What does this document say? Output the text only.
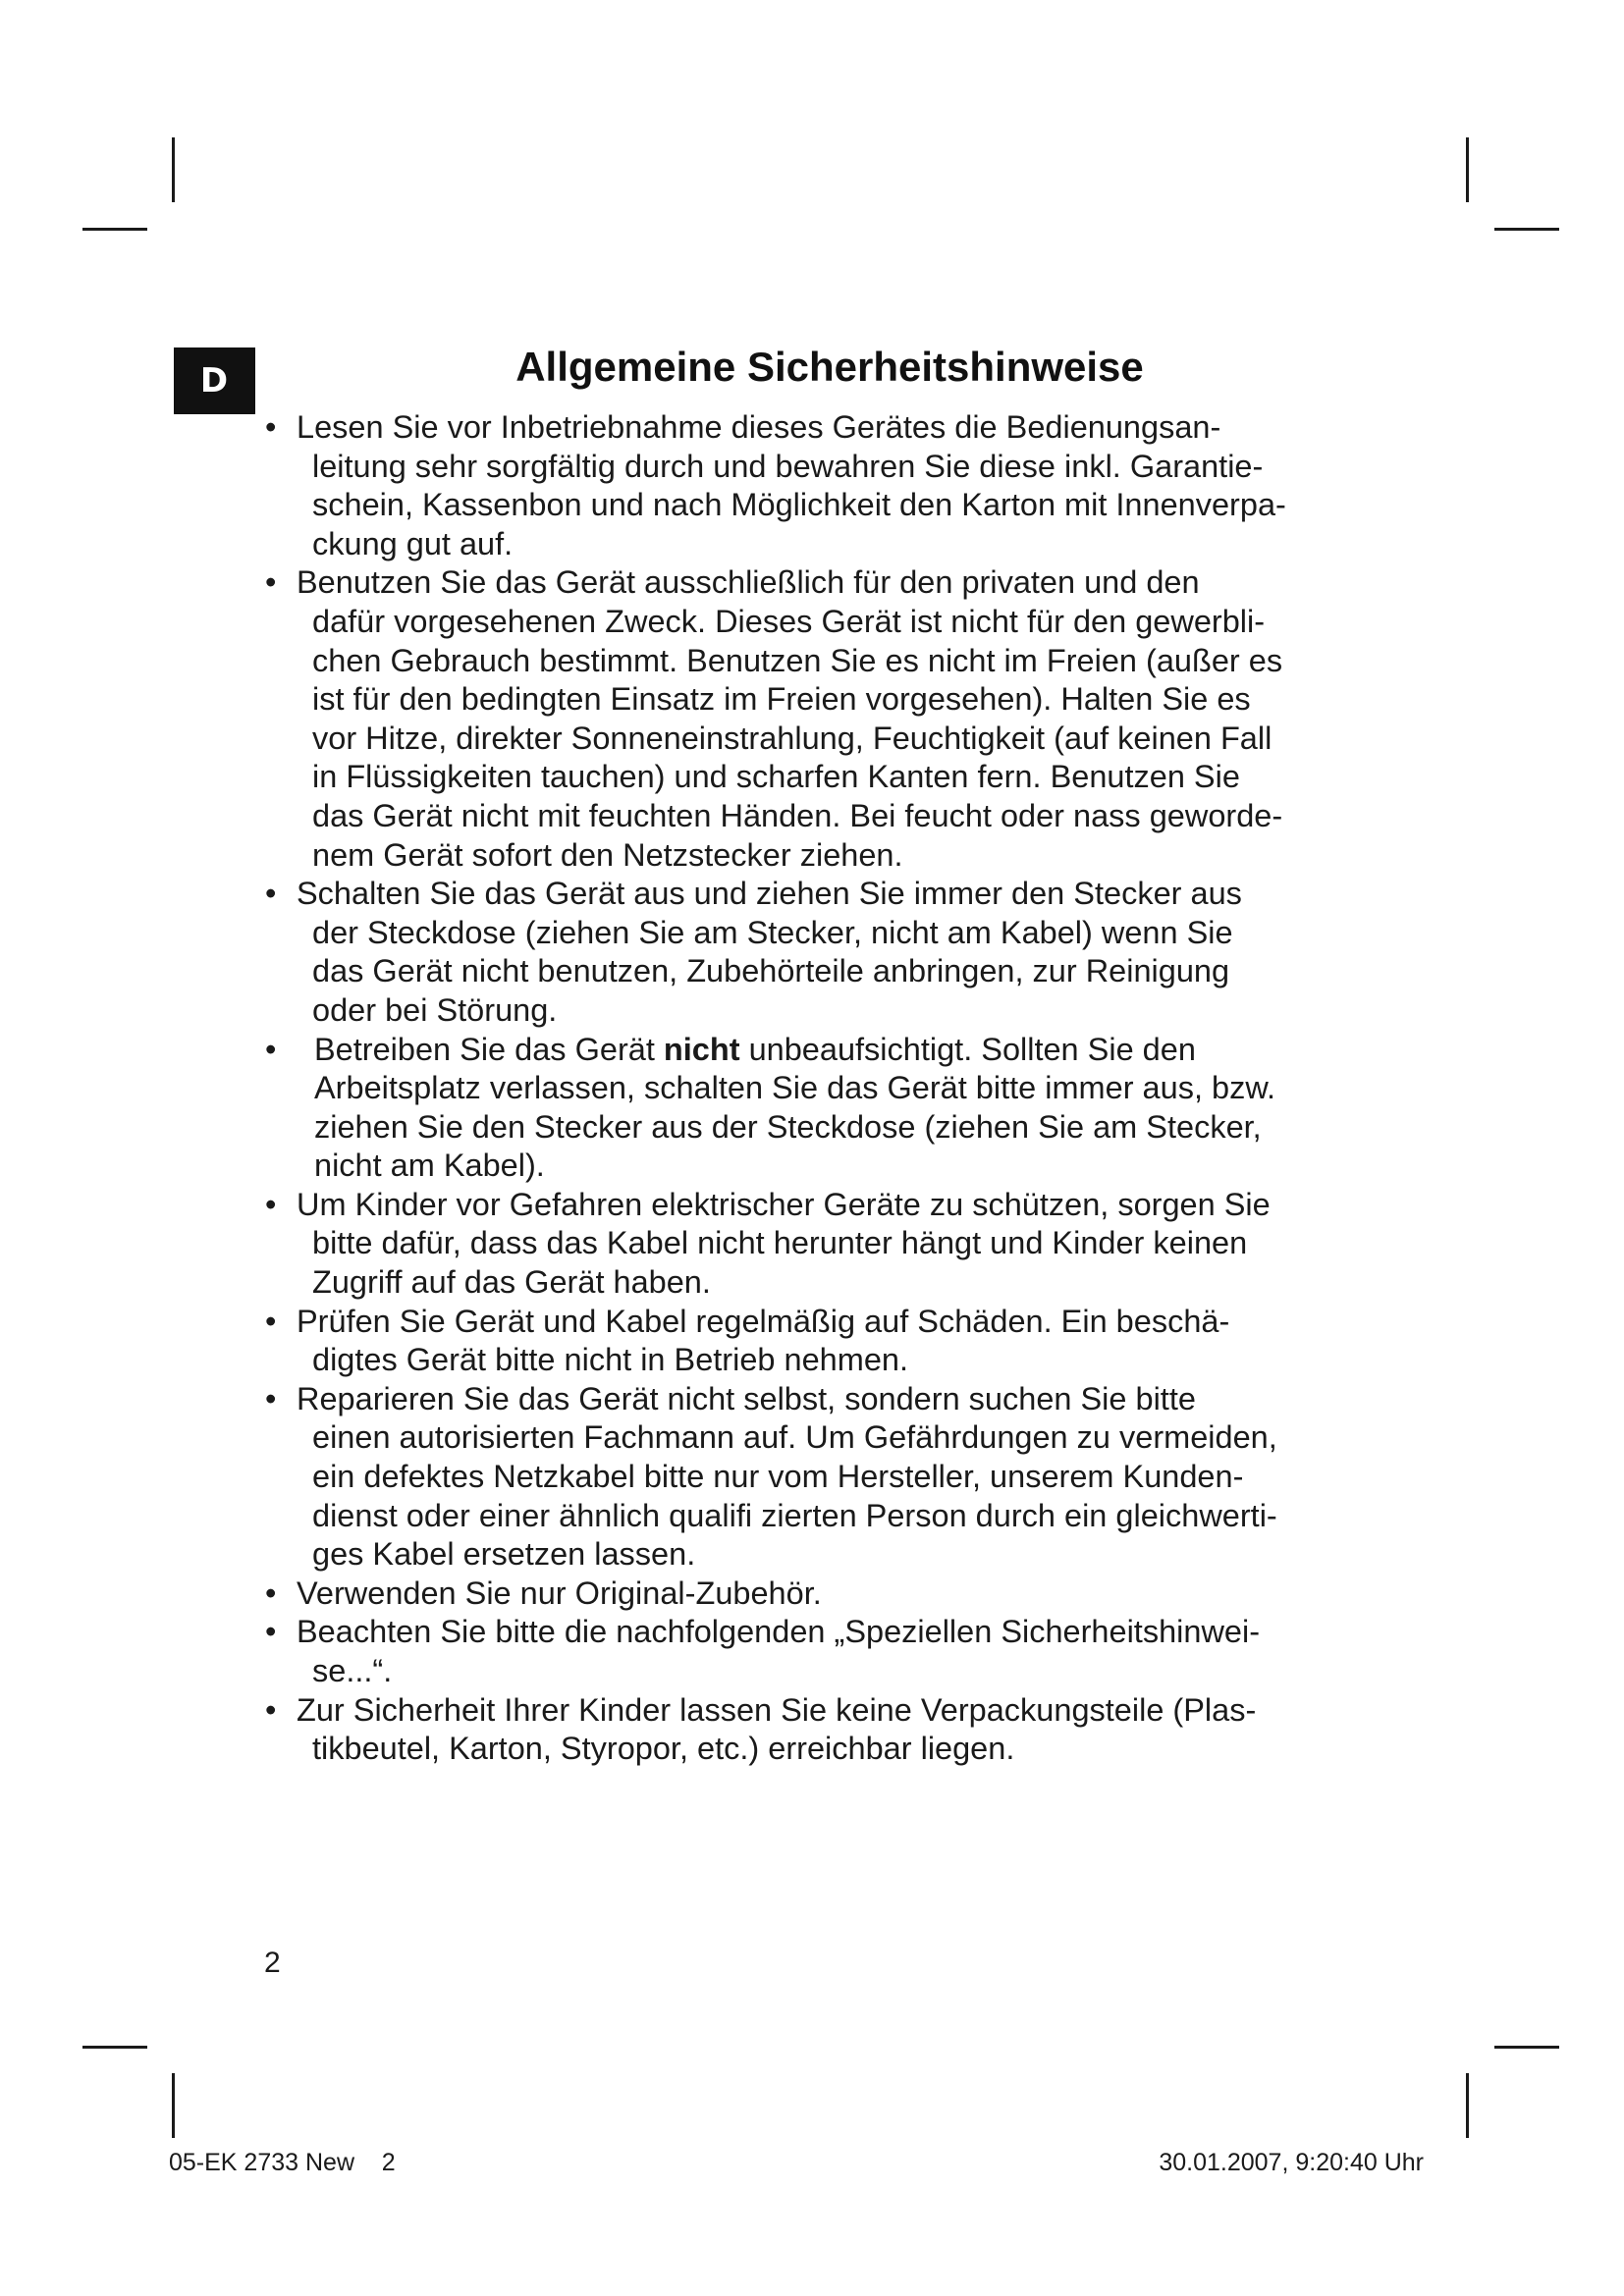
D	Allgemeine Sicherheitshinweise
• Lesen Sie vor Inbetriebnahme dieses Gerätes die Bedienungsan-
leitung sehr sorgfältig durch und bewahren Sie diese inkl. Garantie-
schein, Kassenbon und nach Möglichkeit den Karton mit Innenverpa-
ckung gut auf.
• Benutzen Sie das Gerät ausschließlich für den privaten und den
dafür vorgesehenen Zweck. Dieses Gerät ist nicht für den gewerbli-
chen Gebrauch bestimmt. Benutzen Sie es nicht im Freien (außer es
ist für den bedingten Einsatz im Freien vorgesehen). Halten Sie es
vor Hitze, direkter Sonneneinstrahlung, Feuchtigkeit (auf keinen Fall
in Flüssigkeiten tauchen) und scharfen Kanten fern. Benutzen Sie
das Gerät nicht mit feuchten Händen. Bei feucht oder nass geworde-
nem Gerät sofort den Netzstecker ziehen.
• Schalten Sie das Gerät aus und ziehen Sie immer den Stecker aus
der Steckdose (ziehen Sie am Stecker, nicht am Kabel) wenn Sie
das Gerät nicht benutzen, Zubehörteile anbringen, zur Reinigung
oder bei Störung.
•	Betreiben Sie das Gerät nicht unbeaufsichtigt. Sollten Sie den
Arbeitsplatz verlassen, schalten Sie das Gerät bitte immer aus, bzw.
ziehen Sie den Stecker aus der Steckdose (ziehen Sie am Stecker,
nicht am Kabel).
• Um Kinder vor Gefahren elektrischer Geräte zu schützen, sorgen Sie
bitte dafür, dass das Kabel nicht herunter hängt und Kinder keinen
Zugriff auf das Gerät haben.
• Prüfen Sie Gerät und Kabel regelmäßig auf Schäden. Ein beschä-
digtes Gerät bitte nicht in Betrieb nehmen.
• Reparieren Sie das Gerät nicht selbst, sondern suchen Sie bitte
einen autorisierten Fachmann auf. Um Gefährdungen zu vermeiden,
ein defektes Netzkabel bitte nur vom Hersteller, unserem Kunden-
dienst oder einer ähnlich qualifi zierten Person durch ein gleichwerti-
ges Kabel ersetzen lassen.
• Verwenden Sie nur Original-Zubehör.
• Beachten Sie bitte die nachfolgenden „Speziellen Sicherheitshinwei-
se...“.
• Zur Sicherheit Ihrer Kinder lassen Sie keine Verpackungsteile (Plas-
tikbeutel, Karton, Styropor, etc.) erreichbar liegen.
2
05-EK 2733 New    2	30.01.2007, 9:20:40 Uhr
